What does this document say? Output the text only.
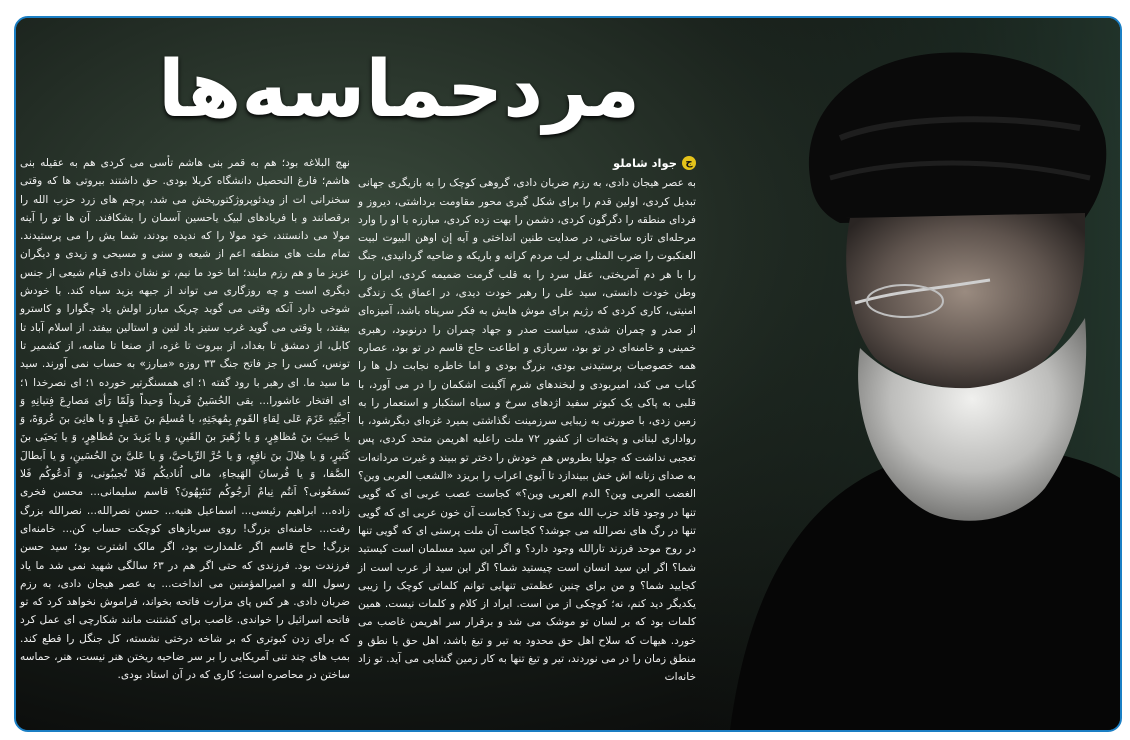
مردحماسه‌ها
ج
جواد شاملو

به عصر هیجان دادی، به رزم ضربان دادی، گروهی کوچک را به بازیگری جهانی تبدیل کردی، اولین قدم را برای شکل گیری محور مقاومت برداشتی، دیروز و فردای منطقه را دگرگون کردی، دشمن را بهت زده کردی، مبارزه با او را وارد مرحله‌ای تازه ساختی، در صدایت طنین انداختی و آیه إن اوهن البیوت لبیت العنکبوت را ضرب المثلی بر لب مردم کرانه و باریکه و ضاحیه گردانیدی، جنگ را با هر دم آمریختی، عقل سرد را به قلب گرمت ضمیمه کردی، ایران را وطن خودت دانستی، سید علی را رهبر خودت دیدی، در اعماق یک زندگی امنیتی، کاری کردی که رژیم برای موش هایش به فکر سرپناه باشد، آمیزه‌ای از صدر و چمران شدی، سیاست صدر و جهاد چمران را درنوبود، رهبری خمینی و خامنه‌ای در تو بود، سربازی و اطاعت حاج قاسم در تو بود، عصاره همه خصوصیات پرستیدنی بودی، بزرگ بودی و اما خاطره نجابت دل ها را کباب می کند، امیربودی و لبخندهای شرم آگینت اشکمان را در می آورد، با قلبی به پاکی یک کبوتر سفید اژدهای سرخ و سیاه استکبار و استعمار را به زمین زدی، با صورتی به زیبایی سرزمینت نگذاشتی بمیرد غزه‌ای دیگرشود، با رواداری لبنانی و پخته‌ات از کشور ۷۲ ملت راعلیه اهریمن متحد کردی، پس تعجبی نداشت که جولیا بطروس هم خودش را دختر تو ببیند و غیرت مردانه‌ات به صدای زنانه اش خش ببیندازد تا آیوی اعراب را بریزد «الشعب العربی وین؟ الغضب العربی وین؟ الدم العربی وین؟» کجاست عصب عربی ای که گویی تنها در وجود قائد حزب الله موج می زند؟ کجاست آن خون عربی ای که گویی تنها در رگ های نصرالله می جوشد؟ کجاست آن ملت پرستی ای که گویی تنها در روح موحد فرزند تارالله وجود دارد؟ و اگر این سید مسلمان است کیستید شما؟ اگر این سید انسان است چیستید شما؟ اگر این سید از عرب است از کجایید شما؟ و من برای چنین عظمتی تنهایی توانم کلماتی کوچک را زیبی یکدیگر دید کنم، نه؛ کوچکی از من است. ایراد از کلام و کلمات نیست. همین کلمات بود که بر لسان تو موشک می شد و برقرار سر اهریمن غاصب می خورد. هیهات که سلاح اهل حق محدود به تیر و تیغ باشد، اهل حق با نطق و منطق زمان را در می نوردند، تیر و تیغ تنها به کار زمین گشایی می آید. تو زاد خانه‌ات

نهج البلاغه بود؛ هم به قمر بنی هاشم تأسی می کردی هم به عقیله بنی هاشم؛ فارغ التحصیل دانشگاه کربلا بودی. حق داشتند بیروتی ها که وقتی سخنرانی ات از ویدئوپروژکتورپخش می شد، پرچم های زرد حزب الله را برقصانند و با فریادهای لبیک یاحسین آسمان را بشکافند. آن ها تو را آینه مولا می دانستند، خود مولا را که ندیده بودند، شما یش را می پرستیدند. تمام ملت های منطقه اعم از شیعه و سنی و مسیحی و زیدی و دیگران عزیز ما و هم رزم مایند؛ اما خود ما نیم، تو نشان دادی قیام شیعی از جنس دیگری است و چه روزگاری می تواند از جبهه یزید سیاه کند. با خودش شوخی دارد آنکه وقتی می گوید چریک مبارز اولش یاد چگوارا و کاسترو بیفتد، با وقتی می گوید غرب ستیز یاد لنین و استالین بیفتد. از اسلام آباد تا کابل، از دمشق تا بغداد، از بیروت تا غزه، از صنعا تا منامه، از کشمیر تا تونس، کسی را جز فاتح جنگ ۳۳ روزه «مبارز» به حساب نمی آورند. سید ما سید ما. ای رهبر با رود گفته ۱؛ ای همسنگرتیر خورده ۱؛ ای نصرخدا ۱؛ ای افتخار عاشورا... یقی الحُسَینُ فَریداً وَحیداً وَلَمّا رَأی مَصارِعَ فِتیانِهِ وَ اَحِبَّتِهِ عَزَمَ عَلی لِقاءِ القَومِ بِمُهجَتِهِ، یا مُسلِمَ بنَ عَقیلٍ وَ یا هانِیَ بنَ عُروَةَ، وَ یا حَبیبَ بنَ مُظاهِرٍ، وَ یا زُهَیرَ بنَ القَینِ، وَ یا یَزیدَ بنَ مُظاهِرٍ، وَ یا یَحیَی بنَ کَثیرٍ، وَ یا هِلالَ بنَ نافِعٍ، وَ یا حُرَّ الرِّیاحیَّ، وَ یا عَلیَّ بنَ الحُسَینِ، وَ یا اَبطالَ الصَّفا، وَ یا فُرسانَ الهَیجاءِ، مالی اُنادیکُم فَلا تُجیبُونی، وَ اَدعُوکُم فَلا تَسمَعُونی؟ اَنتُم نِیامٌ اَرجُوکُم تَنتَبِهُونَ؟ قاسم سلیمانی... محسن فخری زاده... ابراهیم رئیسی... اسماعیل هنیه... حسن نصرالله... نصرالله بزرگ رفت... خامنه‌ای بزرگ! روی سربازهای کوچکت حساب کن... خامنه‌ای بزرگ! حاج قاسم اگر علمدارت بود، اگر مالک اشترت بود؛ سید حسن فرزندت بود. فرزندی که حتی اگر هم در ۶۳ سالگی شهید نمی شد ما یاد رسول الله و امیرالمؤمنین می انداخت... به عصر هیجان دادی، به رزم ضربان دادی. هر کس پای مزارت فاتحه بخواند، فراموش نخواهد کرد که تو فاتحه اسرائیل را خواندی. غاصب برای کشتنت مانند شکارچی ای عمل کرد که برای زدن کبوتری که بر شاخه درختی نشسته، کل جنگل را قطع کند. بمب های چند تنی آمریکایی را بر سر ضاحیه ریختن هنر نیست، هنر، حماسه ساختن در محاصره است؛ کاری که در آن استاد بودی.
